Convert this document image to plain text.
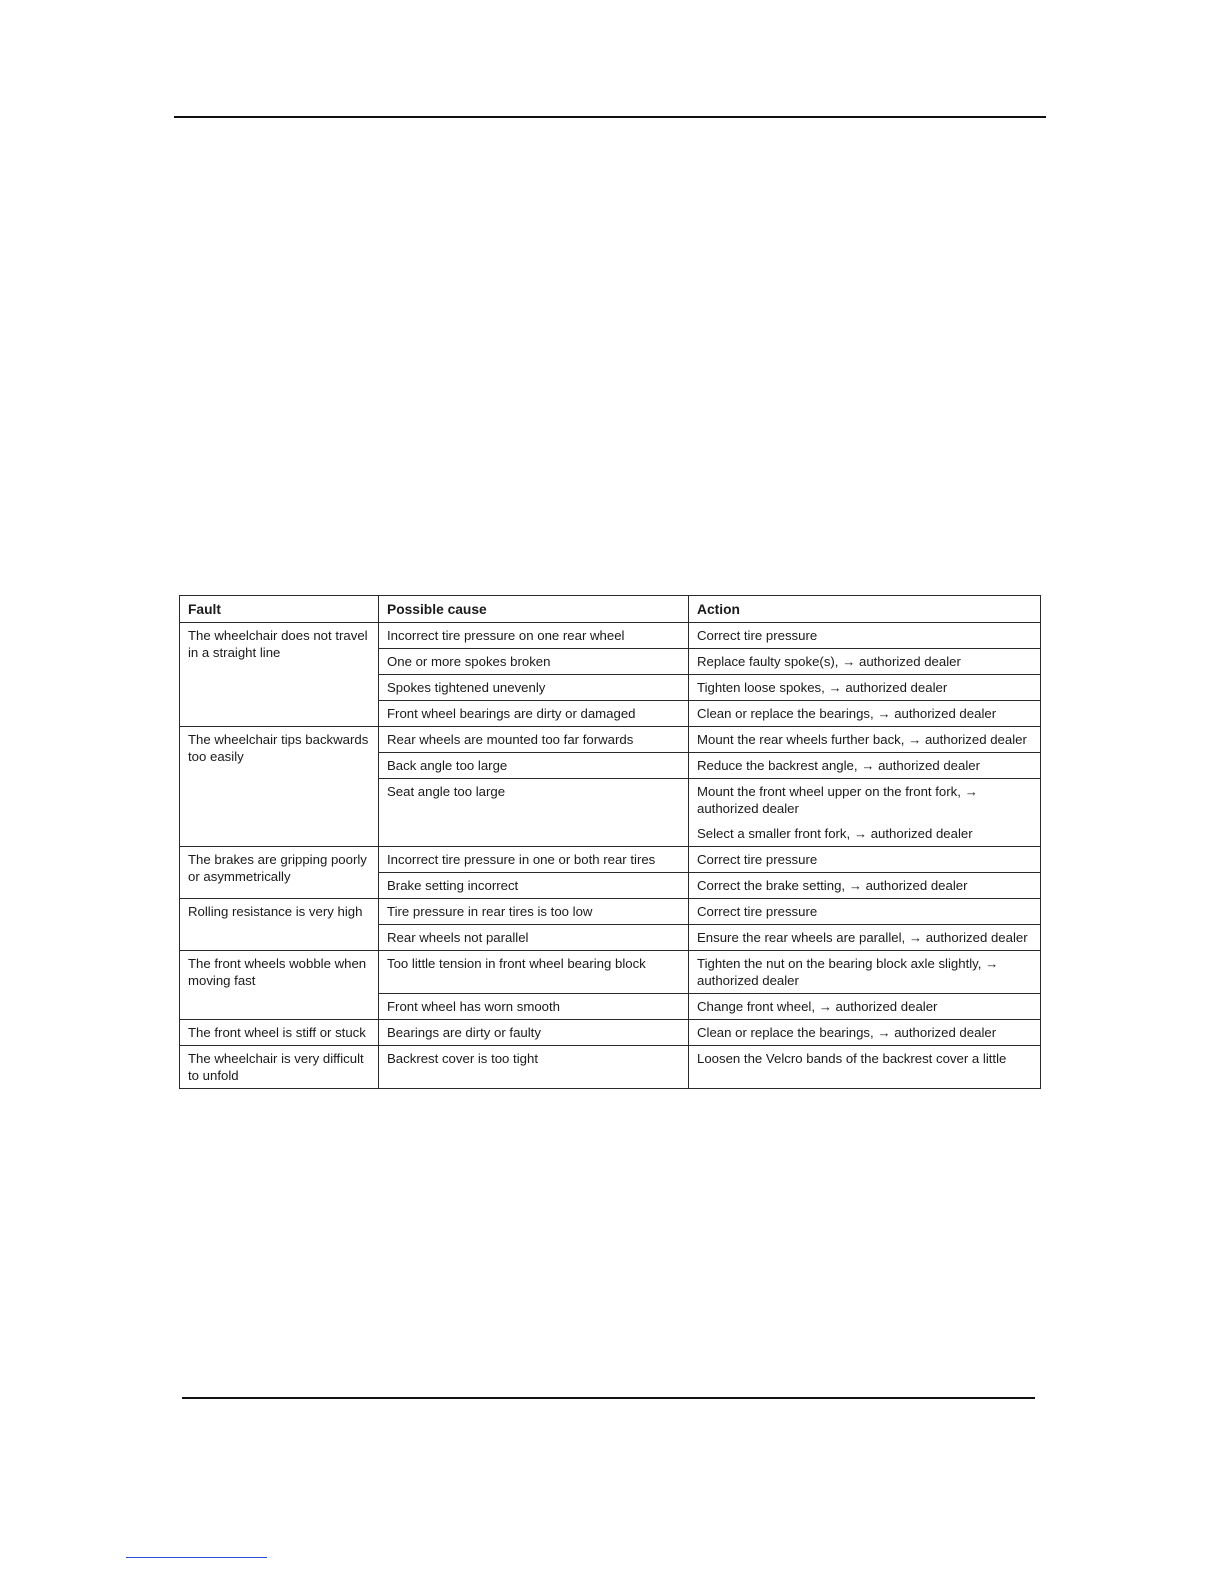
Fault	Possible cause	Action
The wheelchair does not travel in a straight line	Incorrect tire pressure on one rear wheel	Correct tire pressure

	One or more spokes broken	Replace faulty spoke(s), → authorized dealer

	Spokes tightened unevenly	Tighten loose spokes, → authorized dealer

	Front wheel bearings are dirty or damaged	Clean or replace the bearings, → authorized dealer

The wheelchair tips backwards too easily	Rear wheels are mounted too far forwards	Mount the rear wheels further back, → authorized dealer

	Back angle too large	Reduce the backrest angle, → authorized dealer

	Seat angle too large	Mount the front wheel upper on the front fork, → authorized dealer
Select a smaller front fork, → authorized dealer

The brakes are gripping poorly or asymmetrically	Incorrect tire pressure in one or both rear tires	Correct tire pressure

	Brake setting incorrect	Correct the brake setting, → authorized dealer

Rolling resistance is very high	Tire pressure in rear tires is too low	Correct tire pressure

	Rear wheels not parallel	Ensure the rear wheels are parallel, → authorized dealer

The front wheels wobble when moving fast	Too little tension in front wheel bearing block	Tighten the nut on the bearing block axle slightly, → authorized dealer

	Front wheel has worn smooth	Change front wheel, → authorized dealer

The front wheel is stiff or stuck	Bearings are dirty or faulty	Clean or replace the bearings, → authorized dealer

The wheelchair is very difficult to unfold	Backrest cover is too tight	Loosen the Velcro bands of the backrest cover a little
